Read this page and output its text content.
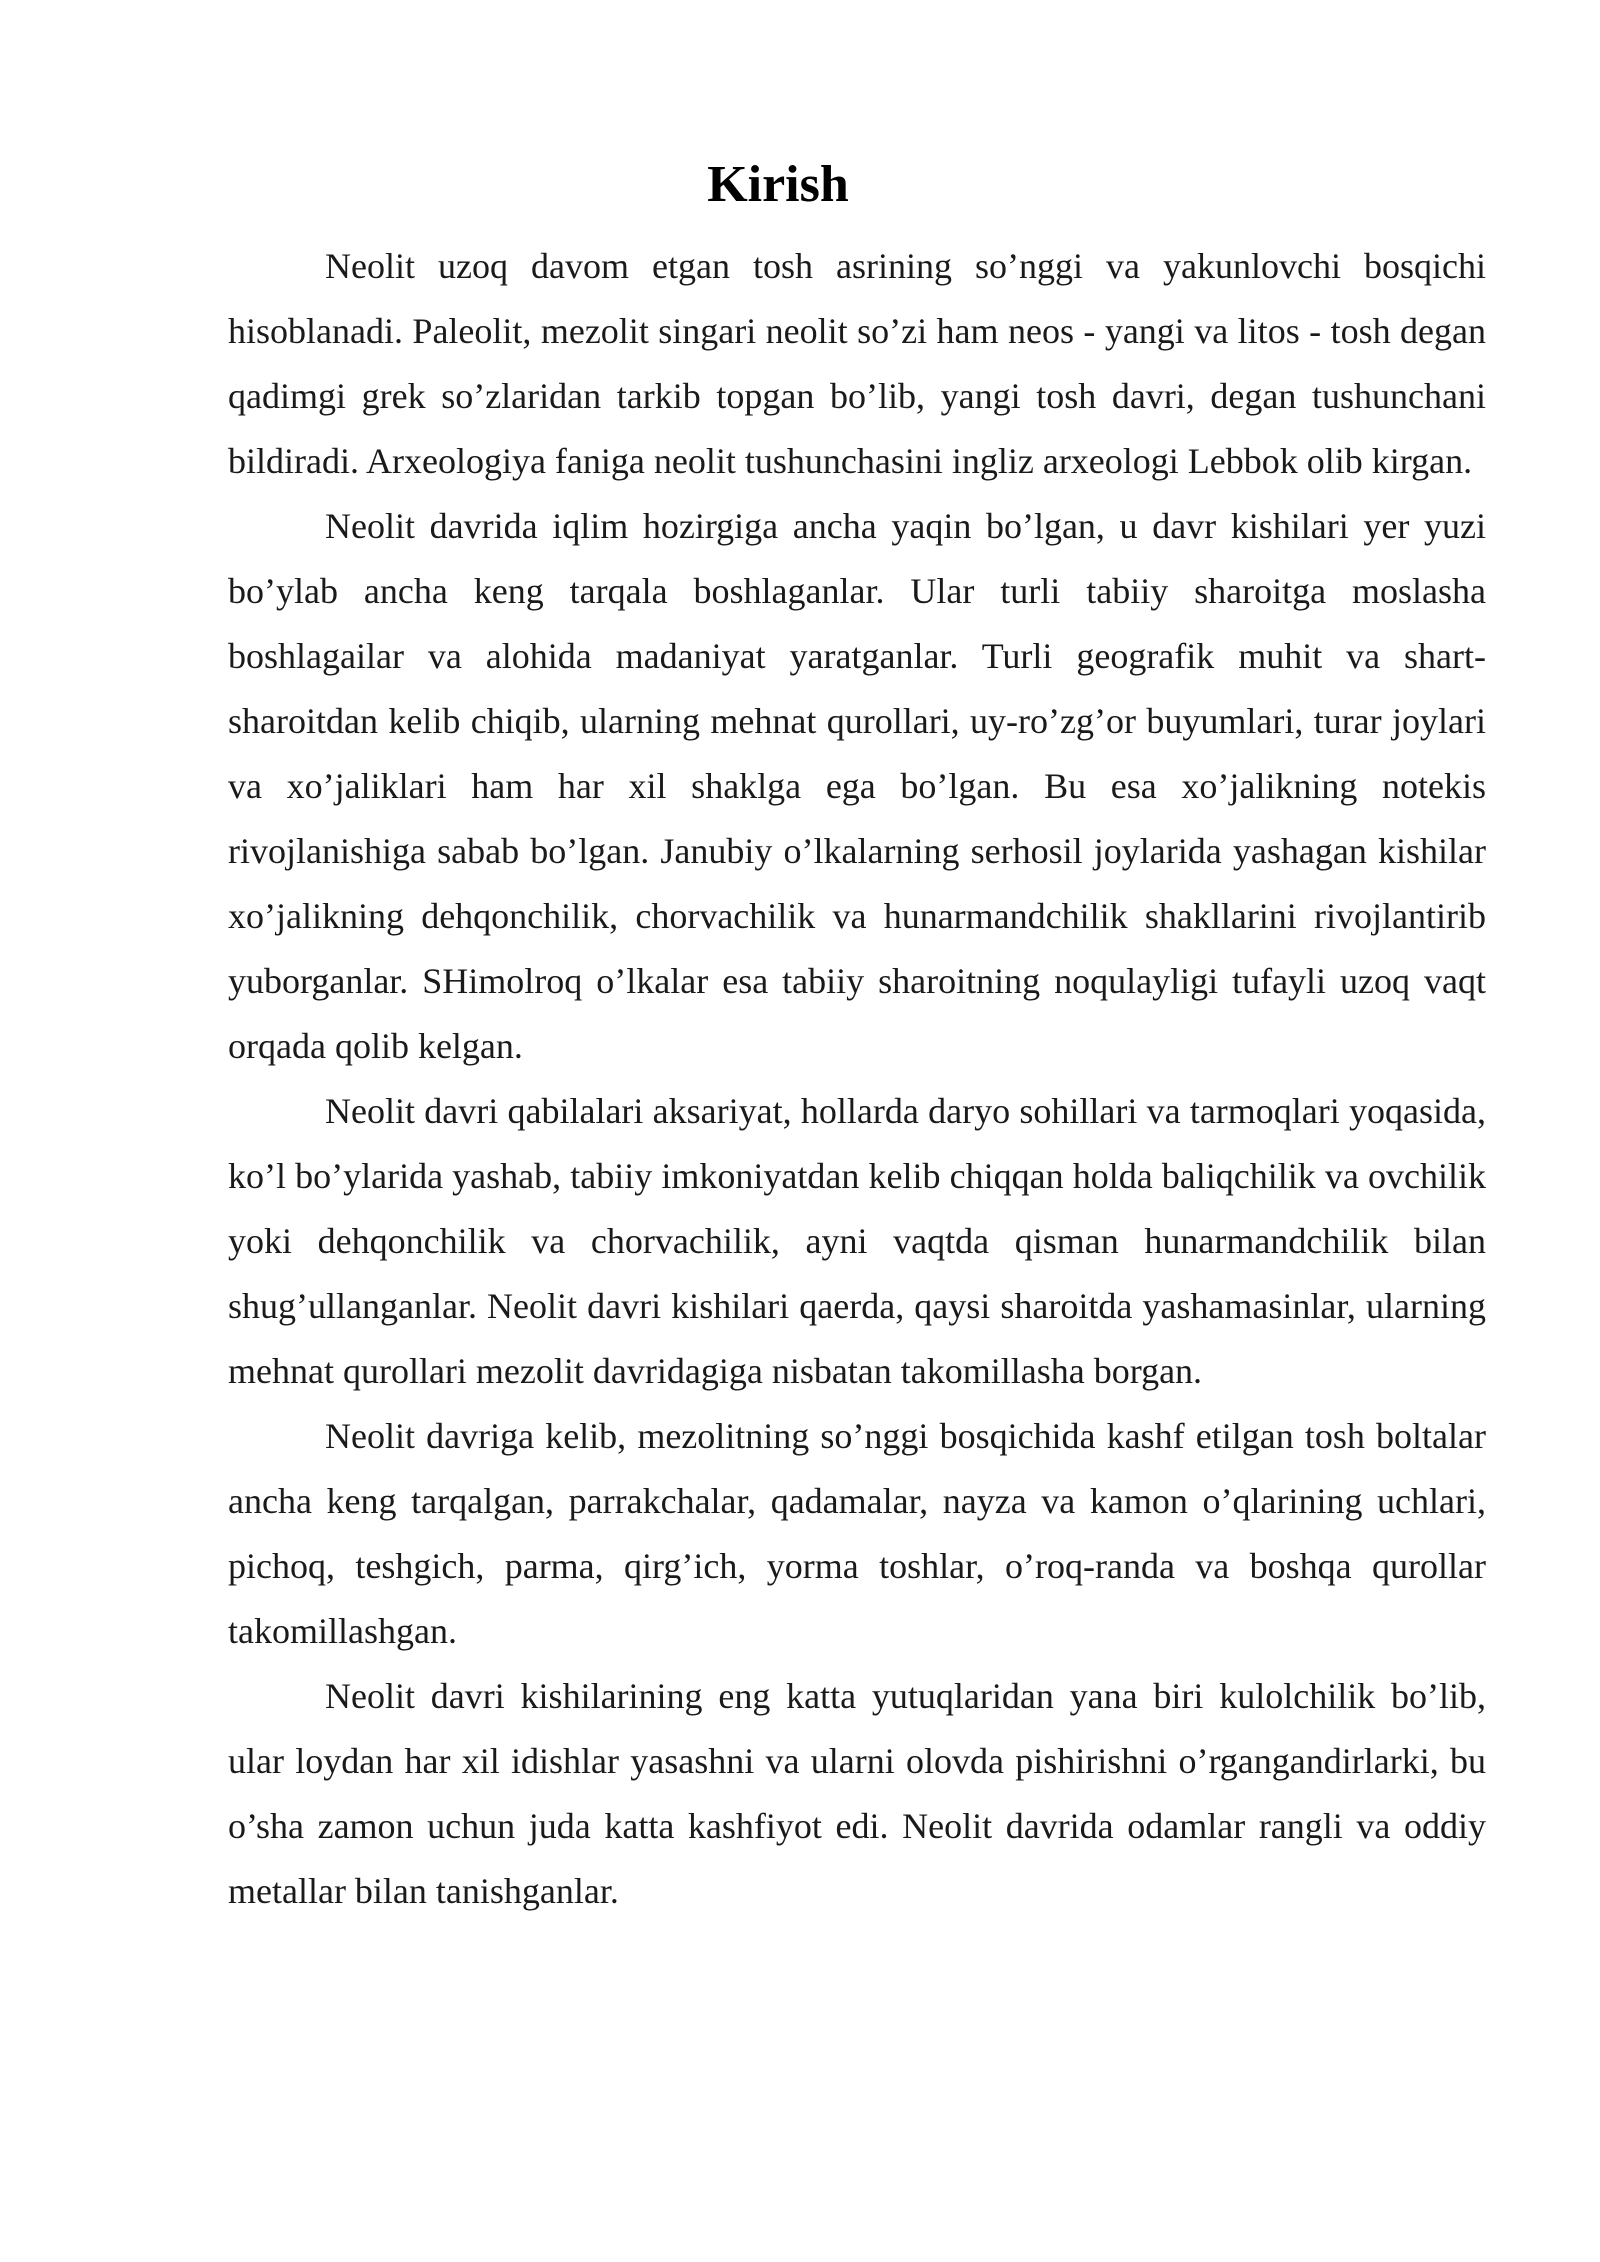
Kirish

Neolit uzoq davom etgan tosh asrining so’nggi va yakunlovchi bosqichi hisoblanadi. Paleolit, mezolit singari neolit so’zi ham neos - yangi va litos - tosh degan qadimgi grek so’zlaridan tarkib topgan bo’lib, yangi tosh davri, degan tushunchani bildiradi. Arxeologiya faniga neolit tushunchasini ingliz arxeologi Lebbok olib kirgan.

Neolit davrida iqlim hozirgiga ancha yaqin bo’lgan, u davr kishilari yer yuzi bo’ylab ancha keng tarqala boshlaganlar. Ular turli tabiiy sharoitga moslasha boshlagailar va alohida madaniyat yaratganlar. Turli geografik muhit va shart-sharoitdan kelib chiqib, ularning mehnat qurollari, uy-ro’zg’or buyumlari, turar joylari va xo’jaliklari ham har xil shaklga ega bo’lgan. Bu esa xo’jalikning notekis rivojlanishiga sabab bo’lgan. Janubiy o’lkalarning serhosil joylarida yashagan kishilar xo’jalikning dehqonchilik, chorvachilik va hunarmandchilik shakllarini rivojlantirib yuborganlar. SHimolroq o’lkalar esa tabiiy sharoitning noqulayligi tufayli uzoq vaqt orqada qolib kelgan.

Neolit davri qabilalari aksariyat, hollarda daryo sohillari va tarmoqlari yoqasida, ko’l bo’ylarida yashab, tabiiy imkoniyatdan kelib chiqqan holda baliqchilik va ovchilik yoki dehqonchilik va chorvachilik, ayni vaqtda qisman hunarmandchilik bilan shug’ullanganlar. Neolit davri kishilari qaerda, qaysi sharoitda yashamasinlar, ularning mehnat qurollari mezolit davridagiga nisbatan takomillasha borgan.

Neolit davriga kelib, mezolitning so’nggi bosqichida kashf etilgan tosh boltalar ancha keng tarqalgan, parrakchalar, qadamalar, nayza va kamon o’qlarining uchlari, pichoq, teshgich, parma, qirg’ich, yorma toshlar, o’roq-randa va boshqa qurollar takomillashgan.

Neolit davri kishilarining eng katta yutuqlaridan yana biri kulolchilik bo’lib, ular loydan har xil idishlar yasashni va ularni olovda pishirishni o’rgangandirlarki, bu o’sha zamon uchun juda katta kashfiyot edi. Neolit davrida odamlar rangli va oddiy metallar bilan tanishganlar.
